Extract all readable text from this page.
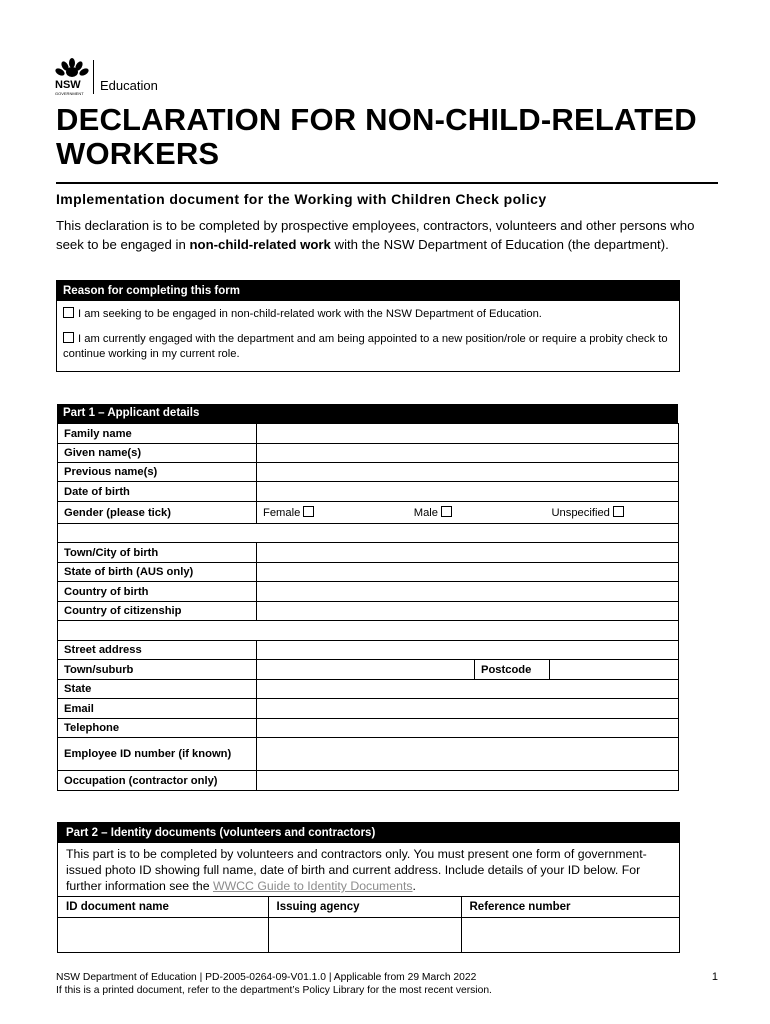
NSW
GOVERNMENT
Education
DECLARATION FOR NON-CHILD-RELATED WORKERS
Implementation document for the Working with Children Check policy
This declaration is to be completed by prospective employees, contractors, volunteers and other persons who seek to be engaged in non-child-related work with the NSW Department of Education (the department).
Reason for completing this form
I am seeking to be engaged in non-child-related work with the NSW Department of Education.
I am currently engaged with the department and am being appointed to a new position/role or require a probity check to continue working in my current role.
Part 1 – Applicant details
Family name			
Given name(s)			
Previous name(s)			
Date of birth			
Gender (please tick)	Female Male Unspecified		

Town/City of birth			
State of birth (AUS only)			
Country of birth			
Country of citizenship			

Street address			
Town/suburb		Postcode	
State			
Email			
Telephone			
Employee ID number (if known)			
Occupation (contractor only)			
Part 2 – Identity documents (volunteers and contractors)
This part is to be completed by volunteers and contractors only. You must present one form of government-issued photo ID showing full name, date of birth and current address. Include details of your ID below. For further information see the WWCC Guide to Identity Documents.
ID document name	Issuing agency	Reference number

NSW Department of Education | PD-2005-0264-09-V01.1.0 | Applicable from 29 March 2022
If this is a printed document, refer to the department’s Policy Library for the most recent version.
1
